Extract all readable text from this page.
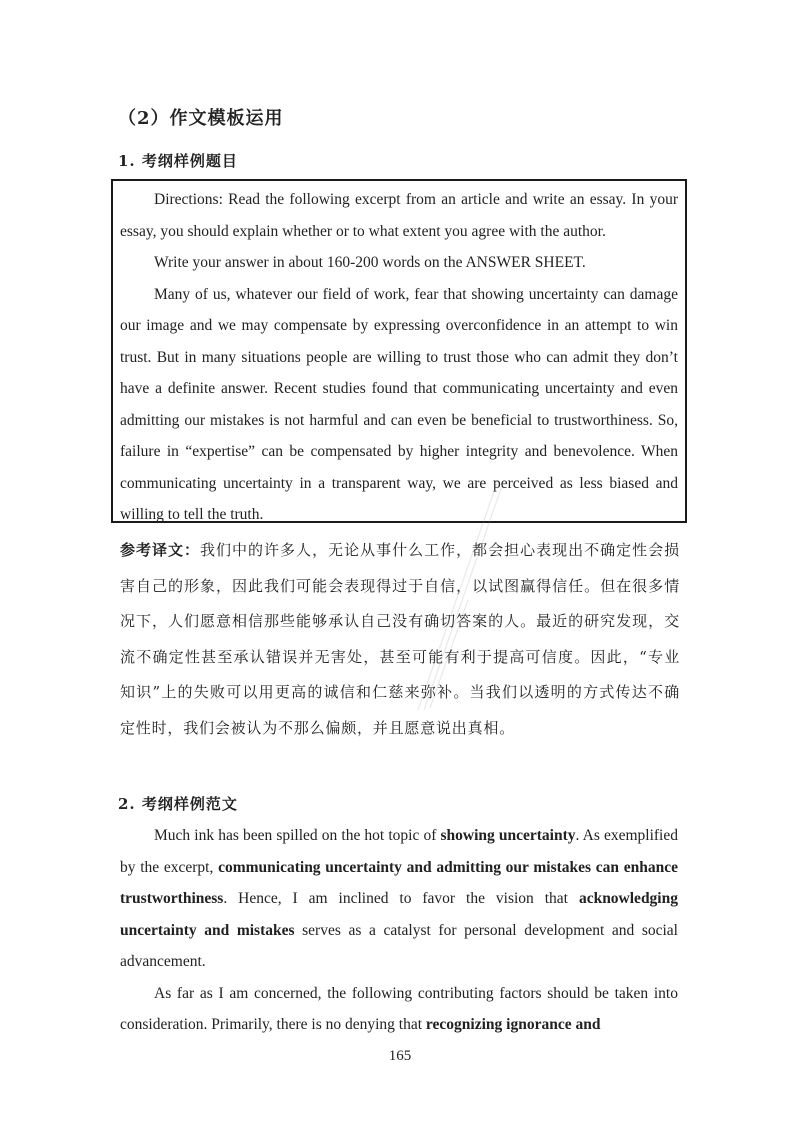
（2）作文模板运用
1. 考纲样例题目

Directions: Read the following excerpt from an article and write an essay. In your essay, you should explain whether or to what extent you agree with the author.

Write your answer in about 160-200 words on the ANSWER SHEET.

Many of us, whatever our field of work, fear that showing uncertainty can damage our image and we may compensate by expressing overconfidence in an attempt to win trust. But in many situations people are willing to trust those who can admit they don’t have a definite answer. Recent studies found that communicating uncertainty and even admitting our mistakes is not harmful and can even be beneficial to trustworthiness. So, failure in “expertise” can be compensated by higher integrity and benevolence. When communicating uncertainty in a transparent way, we are perceived as less biased and willing to tell the truth.

参考译文：我们中的许多人，无论从事什么工作，都会担心表现出不确定性会损害自己的形象，因此我们可能会表现得过于自信，以试图赢得信任。但在很多情况下，人们愿意相信那些能够承认自己没有确切答案的人。最近的研究发现，交流不确定性甚至承认错误并无害处，甚至可能有利于提高可信度。因此，“专业知识”上的失败可以用更高的诚信和仁慈来弥补。当我们以透明的方式传达不确定性时，我们会被认为不那么偏颇，并且愿意说出真相。
2. 考纲样例范文

Much ink has been spilled on the hot topic of showing uncertainty. As exemplified by the excerpt, communicating uncertainty and admitting our mistakes can enhance trustworthiness. Hence, I am inclined to favor the vision that acknowledging uncertainty and mistakes serves as a catalyst for personal development and social advancement.

As far as I am concerned, the following contributing factors should be taken into consideration. Primarily, there is no denying that recognizing ignorance and

165
